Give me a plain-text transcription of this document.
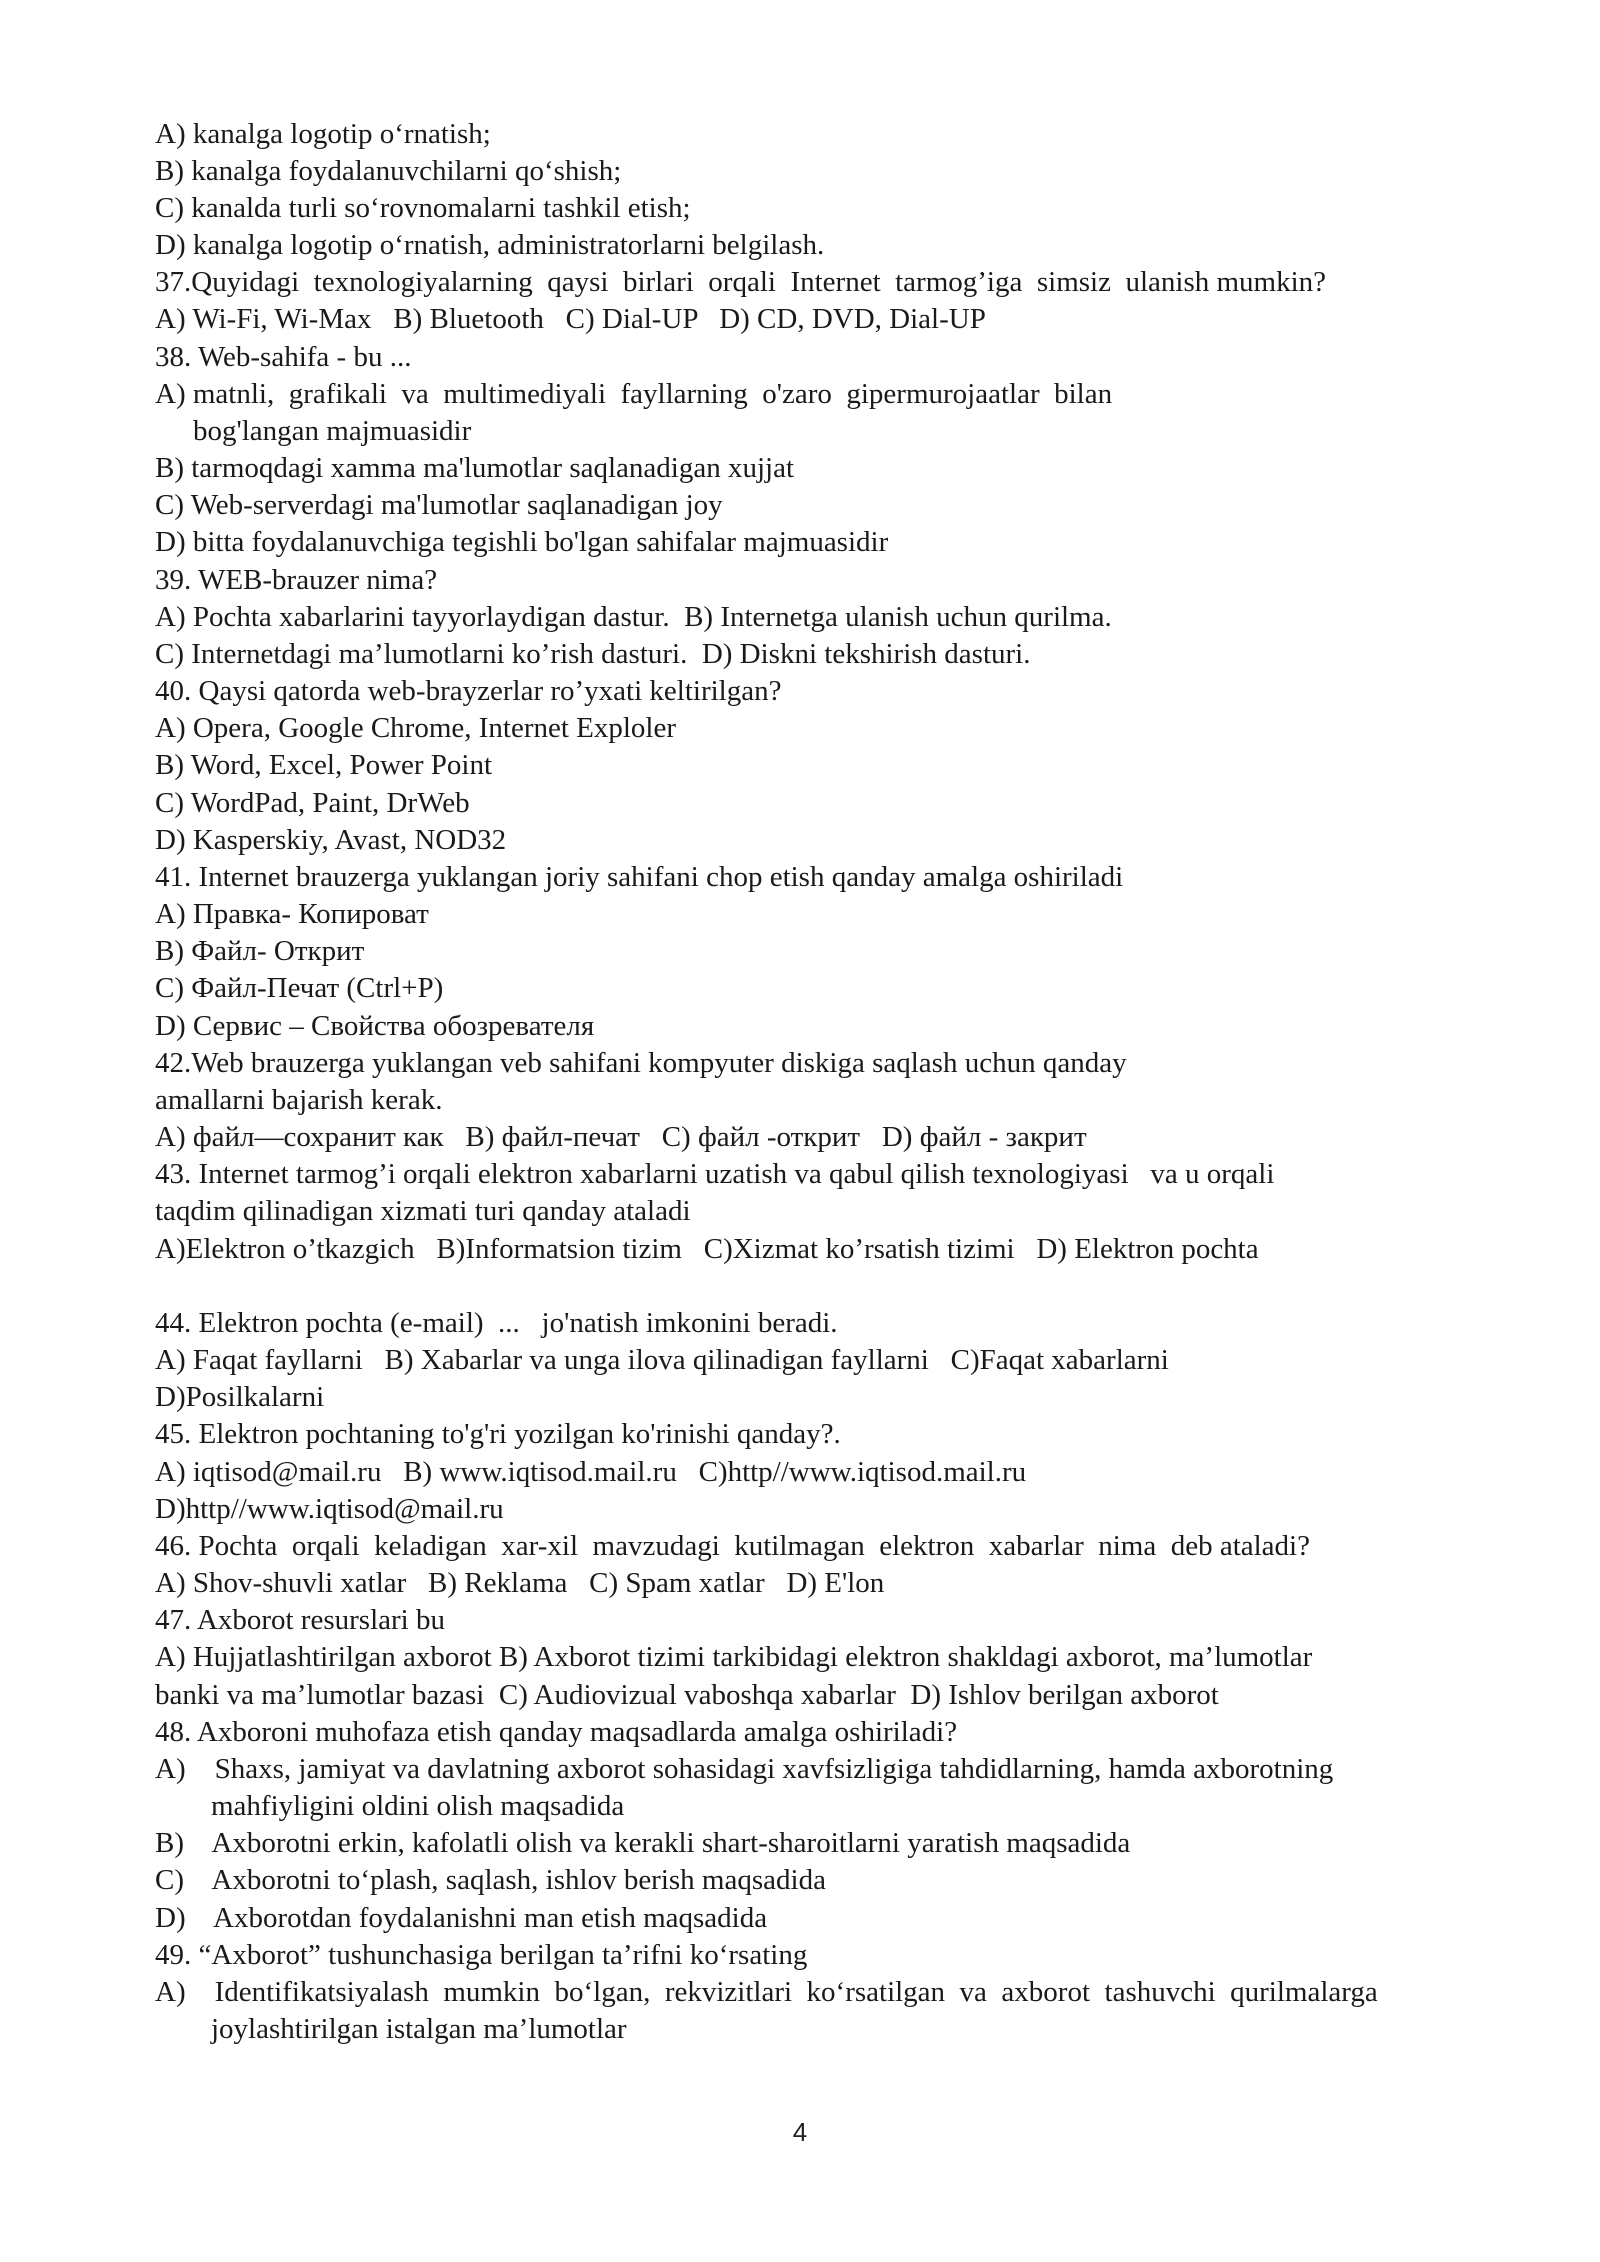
A) kanalga logotip o‘rnatish;
B) kanalga foydalanuvchilarni qo‘shish;
C) kanalda turli so‘rovnomalarni tashkil etish;
D) kanalga logotip o‘rnatish, administratorlarni belgilash.
37.Quyidagi  texnologiyalarning  qaysi  birlari  orqali  Internet  tarmog’iga  simsiz  ulanish mumkin?
A) Wi-Fi, Wi-Max   B) Bluetooth   C) Dial-UP   D) CD, DVD, Dial-UP
38. Web-sahifa - bu ...
A) matnli,  grafikali  va  multimediyali  fayllarning  o'zaro  gipermurojaatlar  bilan
bog'langan majmuasidir
B) tarmoqdagi xamma ma'lumotlar saqlanadigan xujjat
C) Web-serverdagi ma'lumotlar saqlanadigan joy
D) bitta foydalanuvchiga tegishli bo'lgan sahifalar majmuasidir
39. WEB-brauzer nima?
A) Pochta xabarlarini tayyorlaydigan dastur.  B) Internetga ulanish uchun qurilma.
C) Internetdagi ma’lumotlarni ko’rish dasturi.  D) Diskni tekshirish dasturi.
40. Qaysi qatorda web-brayzerlar ro’yxati keltirilgan?
A) Opera, Google Chrome, Internet Exploler
B) Word, Excel, Power Point
C) WordPad, Paint, DrWeb
D) Kasperskiy, Avast, NOD32
41. Internet brauzerga yuklangan joriy sahifani chop etish qanday amalga oshiriladi
A) Правка- Копироват
B) Файл- Открит
C) Файл-Печат (Ctrl+P)
D) Сервис – Свойства обозревателя
42.Web brauzerga yuklangan veb sahifani kompyuter diskiga saqlash uchun qanday
amallarni bajarish kerak.
A) файл—сохранит как   B) файл-печат   C) файл -открит   D) файл - закрит
43. Internet tarmog’i orqali elektron xabarlarni uzatish va qabul qilish texnologiyasi   va u orqali
taqdim qilinadigan xizmati turi qanday ataladi
A)Elektron o’tkazgich   B)Informatsion tizim   C)Xizmat ko’rsatish tizimi   D) Elektron pochta
44. Elektron pochta (e-mail)  ...   jo'natish imkonini beradi.
A) Faqat fayllarni   B) Xabarlar va unga ilova qilinadigan fayllarni   C)Faqat xabarlarni
D)Posilkalarni
45. Elektron pochtaning to'g'ri yozilgan ko'rinishi qanday?.
A) iqtisod@mail.ru   B) www.iqtisod.mail.ru   C)http//www.iqtisod.mail.ru
D)http//www.iqtisod@mail.ru
46. Pochta  orqali  keladigan  xar-xil  mavzudagi  kutilmagan  elektron  xabarlar  nima  deb ataladi?
A) Shov-shuvli xatlar   B) Reklama   C) Spam xatlar   D) E'lon
47. Axborot resurslari bu
A) Hujjatlashtirilgan axborot B) Axborot tizimi tarkibidagi elektron shakldagi axborot, ma’lumotlar
banki va ma’lumotlar bazasi  C) Audiovizual vaboshqa xabarlar  D) Ishlov berilgan axborot
48. Axboroni muhofaza etish qanday maqsadlarda amalga oshiriladi?
A)    Shaxs, jamiyat va davlatning axborot sohasidagi xavfsizligiga tahdidlarning, hamda axborotning
mahfiyligini oldini olish maqsadida
B)    Axborotni erkin, kafolatli olish va kerakli shart-sharoitlarni yaratish maqsadida
C)    Axborotni to‘plash, saqlash, ishlov berish maqsadida
D)    Axborotdan foydalanishni man etish maqsadida
49. “Axborot” tushunchasiga berilgan ta’rifni ko‘rsating
A)    Identifikatsiyalash  mumkin  bo‘lgan,  rekvizitlari  ko‘rsatilgan  va  axborot  tashuvchi  qurilmalarga
joylashtirilgan istalgan ma’lumotlar
4
